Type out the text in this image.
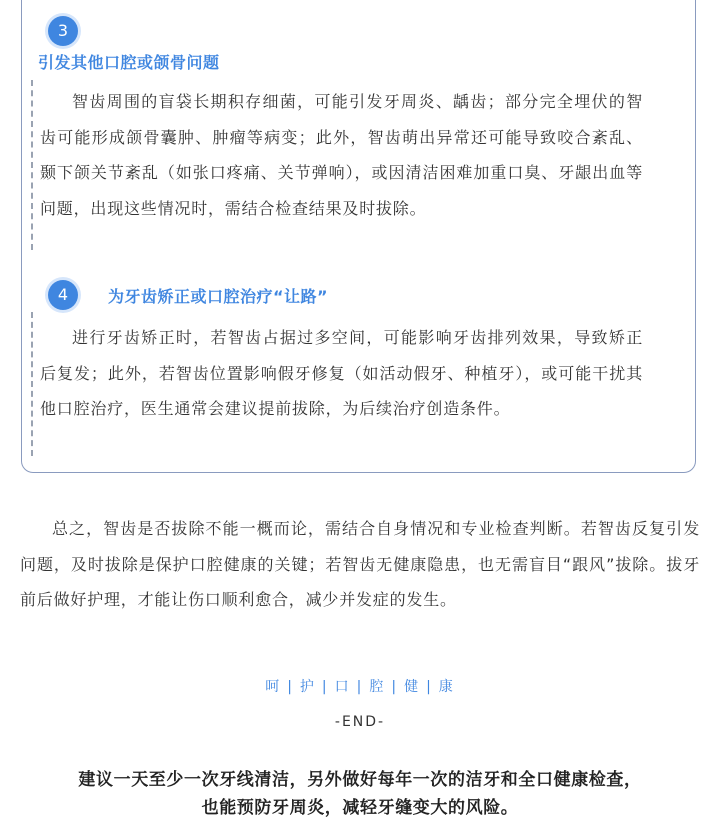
3
引发其他口腔或颌骨问题

智齿周围的盲袋长期积存细菌，可能引发牙周炎、龋齿；部分完全埋伏的智齿可能形成颌骨囊肿、肿瘤等病变；此外，智齿萌出异常还可能导致咬合紊乱、颞下颌关节紊乱（如张口疼痛、关节弹响），或因清洁困难加重口臭、牙龈出血等问题，出现这些情况时，需结合检查结果及时拔除。

4	为牙齿矫正或口腔治疗“让路”

进行牙齿矫正时，若智齿占据过多空间，可能影响牙齿排列效果，导致矫正后复发；此外，若智齿位置影响假牙修复（如活动假牙、种植牙），或可能干扰其他口腔治疗，医生通常会建议提前拔除，为后续治疗创造条件。

总之，智齿是否拔除不能一概而论，需结合自身情况和专业检查判断。若智齿反复引发问题，及时拔除是保护口腔健康的关键；若智齿无健康隐患，也无需盲目“跟风”拔除。拔牙前后做好护理，才能让伤口顺利愈合，减少并发症的发生。

呵 | 护 | 口 | 腔 | 健 | 康
-END-
建议一天至少一次牙线清洁，另外做好每年一次的洁牙和全口健康检查，
也能预防牙周炎，减轻牙缝变大的风险。
